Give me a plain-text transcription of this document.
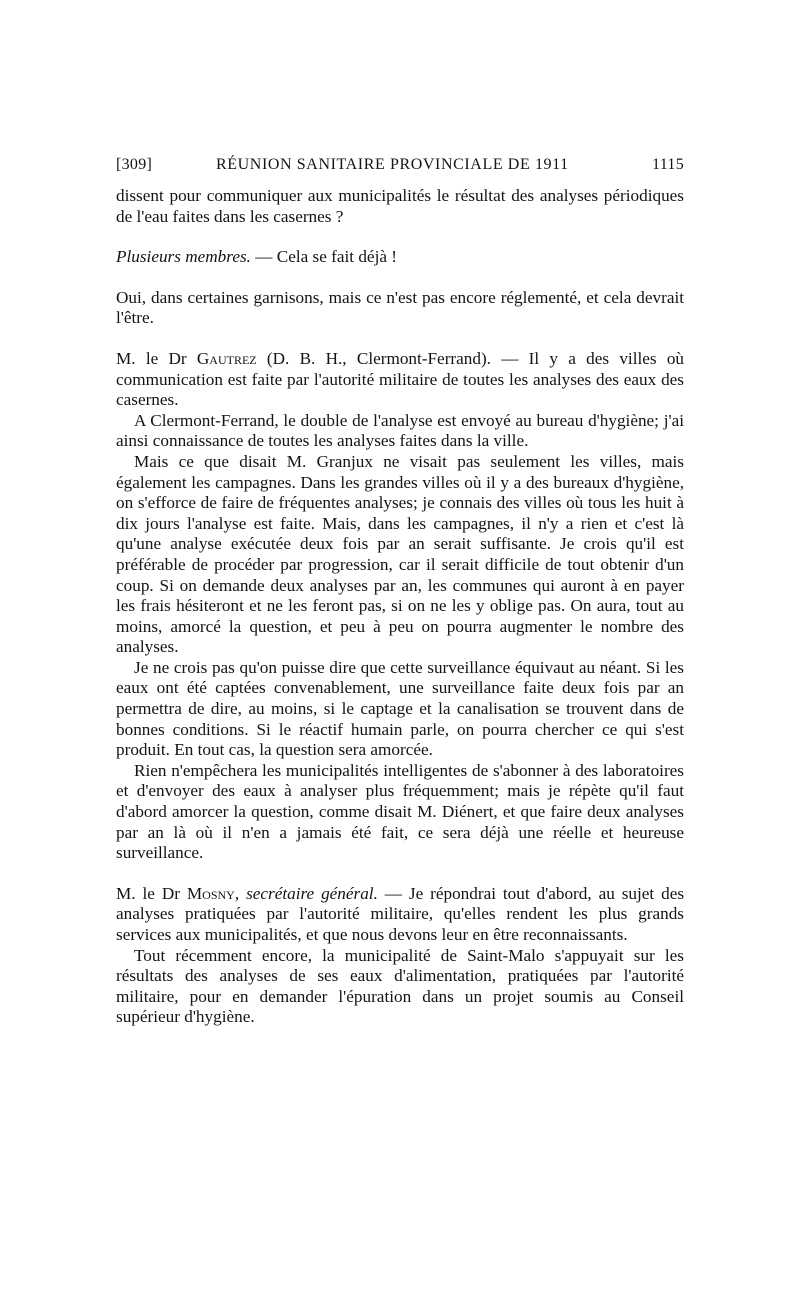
[309]	RÉUNION SANITAIRE PROVINCIALE DE 1911	1115

dissent pour communiquer aux municipalités le résultat des analyses périodiques de l'eau faites dans les casernes ?

Plusieurs membres. — Cela se fait déjà !

Oui, dans certaines garnisons, mais ce n'est pas encore réglementé, et cela devrait l'être.

M. le Dr Gautrez (D. B. H., Clermont-Ferrand). — Il y a des villes où communication est faite par l'autorité militaire de toutes les analyses des eaux des casernes.

A Clermont-Ferrand, le double de l'analyse est envoyé au bureau d'hygiène; j'ai ainsi connaissance de toutes les analyses faites dans la ville.

Mais ce que disait M. Granjux ne visait pas seulement les villes, mais également les campagnes. Dans les grandes villes où il y a des bureaux d'hygiène, on s'efforce de faire de fréquentes analyses; je connais des villes où tous les huit à dix jours l'analyse est faite. Mais, dans les campagnes, il n'y a rien et c'est là qu'une analyse exécutée deux fois par an serait suffisante. Je crois qu'il est préférable de procéder par progression, car il serait difficile de tout obtenir d'un coup. Si on demande deux analyses par an, les communes qui auront à en payer les frais hésiteront et ne les feront pas, si on ne les y oblige pas. On aura, tout au moins, amorcé la question, et peu à peu on pourra augmenter le nombre des analyses.

Je ne crois pas qu'on puisse dire que cette surveillance équivaut au néant. Si les eaux ont été captées convenablement, une surveillance faite deux fois par an permettra de dire, au moins, si le captage et la canalisation se trouvent dans de bonnes conditions. Si le réactif humain parle, on pourra chercher ce qui s'est produit. En tout cas, la question sera amorcée.

Rien n'empêchera les municipalités intelligentes de s'abonner à des laboratoires et d'envoyer des eaux à analyser plus fréquemment; mais je répète qu'il faut d'abord amorcer la question, comme disait M. Diénert, et que faire deux analyses par an là où il n'en a jamais été fait, ce sera déjà une réelle et heureuse surveillance.

M. le Dr Mosny, secrétaire général. — Je répondrai tout d'abord, au sujet des analyses pratiquées par l'autorité militaire, qu'elles rendent les plus grands services aux municipalités, et que nous devons leur en être reconnaissants.

Tout récemment encore, la municipalité de Saint-Malo s'appuyait sur les résultats des analyses de ses eaux d'alimentation, pratiquées par l'autorité militaire, pour en demander l'épuration dans un projet soumis au Conseil supérieur d'hygiène.
